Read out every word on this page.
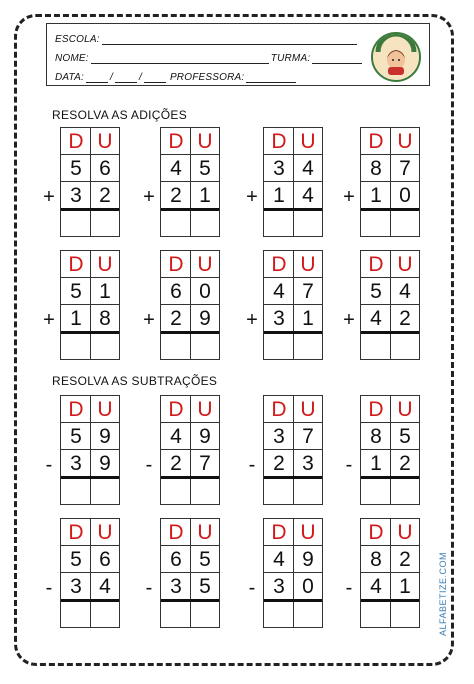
ESCOLA:
NOME:	TURMA:
DATA:	/	/	PROFESSORA:
RESOLVA AS ADIÇÕES
RESOLVA AS SUBTRAÇÕES
D U
5 6
3 2
+
D U
4 5
2 1
+
D U
3 4
1 4
+
D U
8 7
1 0
+
D U
5 1
1 8
+
D U
6 0
2 9
+
D U
4 7
3 1
+
D U
5 4
4 2
+
D U
5 9
3 9
-
D U
4 9
2 7
-
D U
3 7
2 3
-
D U
8 5
1 2
-
D U
5 6
3 4
-
D U
6 5
3 5
-
D U
4 9
3 0
-
D U
8 2
4 1
-	ALFABETIZE.COM
